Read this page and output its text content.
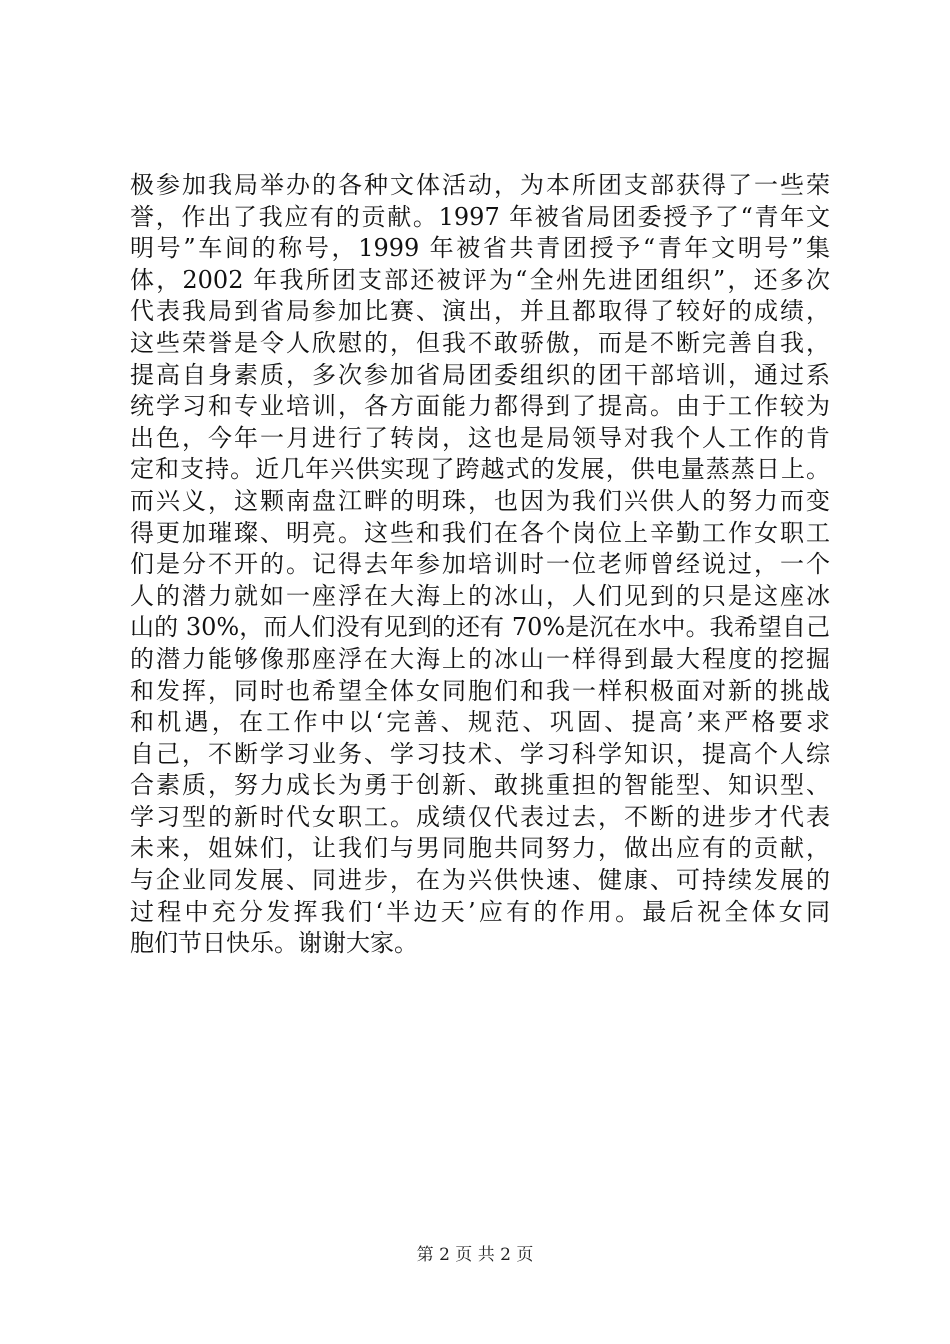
极参加我局举办的各种文体活动，为本所团支部获得了一些荣
誉，作出了我应有的贡献。1997 年被省局团委授予了“青年文
明号”车间的称号，1999 年被省共青团授予“青年文明号”集
体，2002 年我所团支部还被评为“全州先进团组织”，还多次
代表我局到省局参加比赛、演出，并且都取得了较好的成绩，
这些荣誉是令人欣慰的，但我不敢骄傲，而是不断完善自我，
提高自身素质，多次参加省局团委组织的团干部培训，通过系
统学习和专业培训，各方面能力都得到了提高。由于工作较为
出色，今年一月进行了转岗，这也是局领导对我个人工作的肯
定和支持。近几年兴供实现了跨越式的发展，供电量蒸蒸日上。
而兴义，这颗南盘江畔的明珠，也因为我们兴供人的努力而变
得更加璀璨、明亮。这些和我们在各个岗位上辛勤工作女职工
们是分不开的。记得去年参加培训时一位老师曾经说过，一个
人的潜力就如一座浮在大海上的冰山，人们见到的只是这座冰
山的 30%，而人们没有见到的还有 70%是沉在水中。我希望自己
的潜力能够像那座浮在大海上的冰山一样得到最大程度的挖掘
和发挥，同时也希望全体女同胞们和我一样积极面对新的挑战
和机遇，在工作中以‘完善、规范、巩固、提高’来严格要求
自己，不断学习业务、学习技术、学习科学知识，提高个人综
合素质，努力成长为勇于创新、敢挑重担的智能型、知识型、
学习型的新时代女职工。成绩仅代表过去，不断的进步才代表
未来，姐妹们，让我们与男同胞共同努力，做出应有的贡献，
与企业同发展、同进步，在为兴供快速、健康、可持续发展的
过程中充分发挥我们‘半边天’应有的作用。最后祝全体女同
胞们节日快乐。谢谢大家。
第 2 页 共 2 页
